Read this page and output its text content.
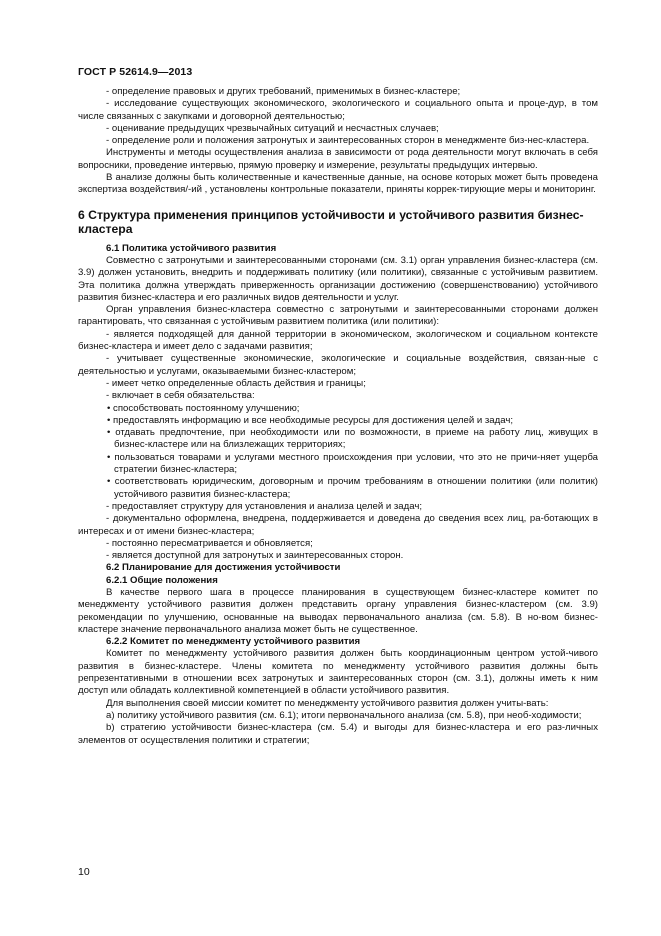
ГОСТ Р 52614.9—2013

- определение правовых и других требований, применимых в бизнес-кластере;

- исследование существующих экономического, экологического и социального опыта и проце-дур, в том числе связанных с закупками и договорной деятельностью;

- оценивание предыдущих чрезвычайных ситуаций и несчастных случаев;

- определение роли и положения затронутых и заинтересованных сторон в менеджменте биз-нес-кластера.

Инструменты и методы осуществления анализа в зависимости от рода деятельности могут включать в себя вопросники, проведение интервью, прямую проверку и измерение, результаты предыдущих интервью.

В анализе должны быть количественные и качественные данные, на основе которых может быть проведена экспертиза воздействия/-ий , установлены контрольные показатели, приняты коррек-тирующие меры и мониторинг.

6 Структура применения принципов устойчивости и устойчивого развития бизнес-кластера

6.1 Политика устойчивого развития

Совместно с затронутыми и заинтересованными сторонами (см. 3.1) орган управления бизнес-кластера (см. 3.9) должен установить, внедрить и поддерживать политику (или политики), связанные с устойчивым развитием. Эта политика должна утверждать приверженность организации достижению (совершенствованию) устойчивого развития бизнес-кластера и его различных видов деятельности и услуг.

Орган управления бизнес-кластера совместно с затронутыми и заинтересованными сторонами должен гарантировать, что связанная с устойчивым развитием политика (или политики):

- является подходящей для данной территории в экономическом, экологическом и социальном контексте бизнес-кластера и имеет дело с задачами развития;

- учитывает существенные экономические, экологические и социальные воздействия, связан-ные с деятельностью и услугами, оказываемыми бизнес-кластером;

- имеет четко определенные область действия и границы;

- включает в себя обязательства:

• способствовать постоянному улучшению;

• предоставлять информацию и все необходимые ресурсы для достижения целей и задач;

• отдавать предпочтение, при необходимости или по возможности, в приеме на работу лиц, живущих в бизнес-кластере или на близлежащих территориях;

• пользоваться товарами и услугами местного происхождения при условии, что это не причи-няет ущерба стратегии бизнес-кластера;

• соответствовать юридическим, договорным и прочим требованиям в отношении политики (или политик) устойчивого развития бизнес-кластера;

- предоставляет структуру для установления и анализа целей и задач;

- документально оформлена, внедрена, поддерживается и доведена до сведения всех лиц, ра-ботающих в интересах и от имени бизнес-кластера;

- постоянно пересматривается и обновляется;

- является доступной для затронутых и заинтересованных сторон.

6.2 Планирование для достижения устойчивости

6.2.1 Общие положения

В качестве первого шага в процессе планирования в существующем бизнес-кластере комитет по менеджменту устойчивого развития должен представить органу управления бизнес-кластером (см. 3.9) рекомендации по улучшению, основанные на выводах первоначального анализа (см. 5.8). В но-вом бизнес-кластере значение первоначального анализа может быть не существенное.

6.2.2 Комитет по менеджменту устойчивого развития

Комитет по менеджменту устойчивого развития должен быть координационным центром устой-чивого развития в бизнес-кластере. Члены комитета по менеджменту устойчивого развития должны быть репрезентативными в отношении всех затронутых и заинтересованных сторон (см. 3.1), должны иметь к ним доступ или обладать коллективной компетенцией в области устойчивого развития.

Для выполнения своей миссии комитет по менеджменту устойчивого развития должен учиты-вать:

a) политику устойчивого развития (см. 6.1); итоги первоначального анализа (см. 5.8), при необ-ходимости;

b) стратегию устойчивости бизнес-кластера (см. 5.4) и выгоды для бизнес-кластера и его раз-личных элементов от осуществления политики и стратегии;

10
